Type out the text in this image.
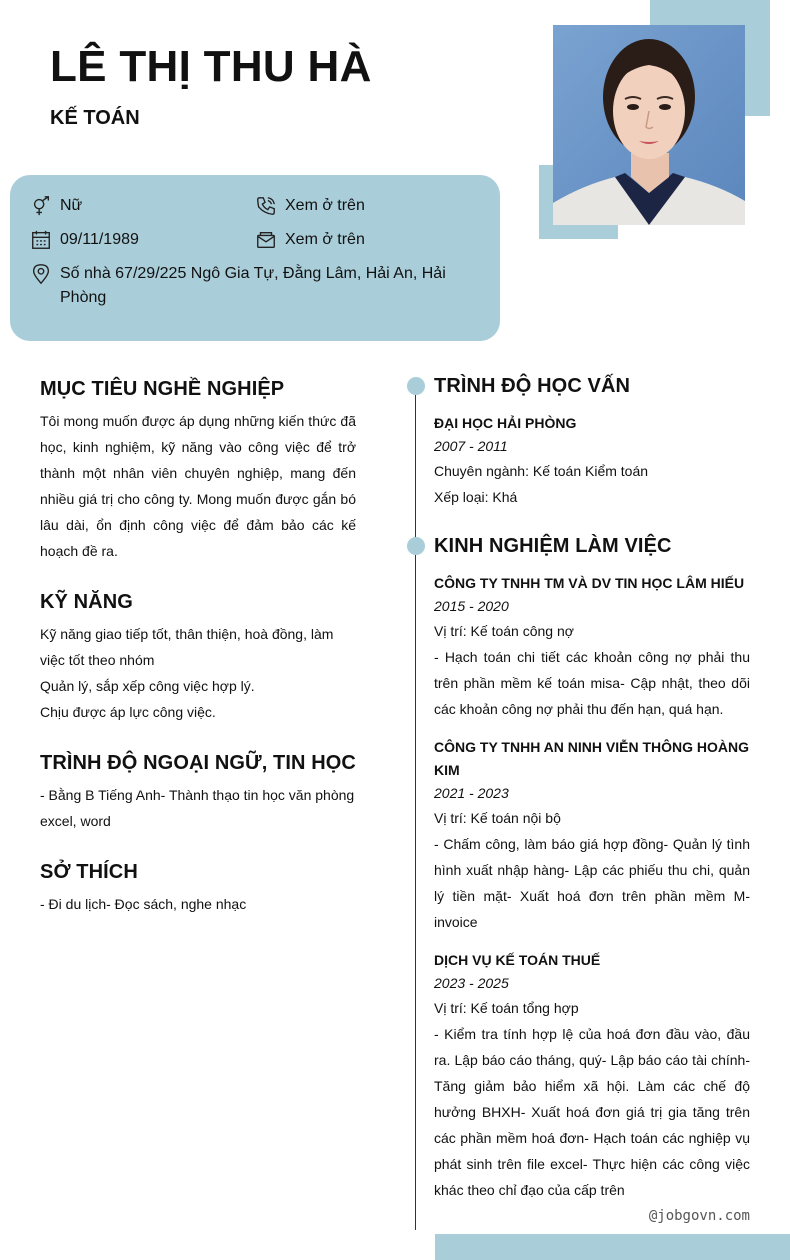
LÊ THỊ THU HÀ
KẾ TOÁN
Nữ	Xem ở trên
09/11/1989	Xem ở trên
Số nhà 67/29/225 Ngô Gia Tự, Đằng Lâm, Hải An, Hải Phòng
MỤC TIÊU NGHỀ NGHIỆP
Tôi mong muốn được áp dụng những kiến thức đã học, kinh nghiệm, kỹ năng vào công việc để trở thành một nhân viên chuyên nghiệp, mang đến nhiều giá trị cho công ty. Mong muốn được gắn bó lâu dài, ổn định công việc để đảm bảo các kế hoạch đề ra.
KỸ NĂNG
Kỹ năng giao tiếp tốt, thân thiện, hoà đồng, làm việc tốt theo nhóm
Quản lý, sắp xếp công việc hợp lý.
Chịu được áp lực công việc.
TRÌNH ĐỘ NGOẠI NGỮ, TIN HỌC
- Bằng B Tiếng Anh- Thành thạo tin học văn phòng excel, word
SỞ THÍCH
- Đi du lịch- Đọc sách, nghe nhạc
TRÌNH ĐỘ HỌC VẤN
ĐẠI HỌC HẢI PHÒNG
2007 - 2011
Chuyên ngành: Kế toán Kiểm toán
Xếp loại: Khá
KINH NGHIỆM LÀM VIỆC
CÔNG TY TNHH TM VÀ DV TIN HỌC LÂM HIẾU
2015 - 2020
Vị trí: Kế toán công nợ
- Hạch toán chi tiết các khoản công nợ phải thu trên phần mềm kế toán misa- Cập nhật, theo dõi các khoản công nợ phải thu đến hạn, quá hạn.
CÔNG TY TNHH AN NINH VIỄN THÔNG HOÀNG KIM
2021 - 2023
Vị trí: Kế toán nội bộ
- Chấm công, làm báo giá hợp đồng- Quản lý tình hình xuất nhập hàng- Lập các phiếu thu chi, quản lý tiền mặt- Xuất hoá đơn trên phần mềm M-invoice
DỊCH VỤ KẾ TOÁN THUẾ
2023 - 2025
Vị trí: Kế toán tổng hợp
- Kiểm tra tính hợp lệ của hoá đơn đầu vào, đầu ra. Lập báo cáo tháng, quý- Lập báo cáo tài chính- Tăng giảm bảo hiểm xã hội. Làm các chế độ hưởng BHXH- Xuất hoá đơn giá trị gia tăng trên các phần mềm hoá đơn- Hạch toán các nghiệp vụ phát sinh trên file excel- Thực hiện các công việc khác theo chỉ đạo của cấp trên
@jobgovn.com
